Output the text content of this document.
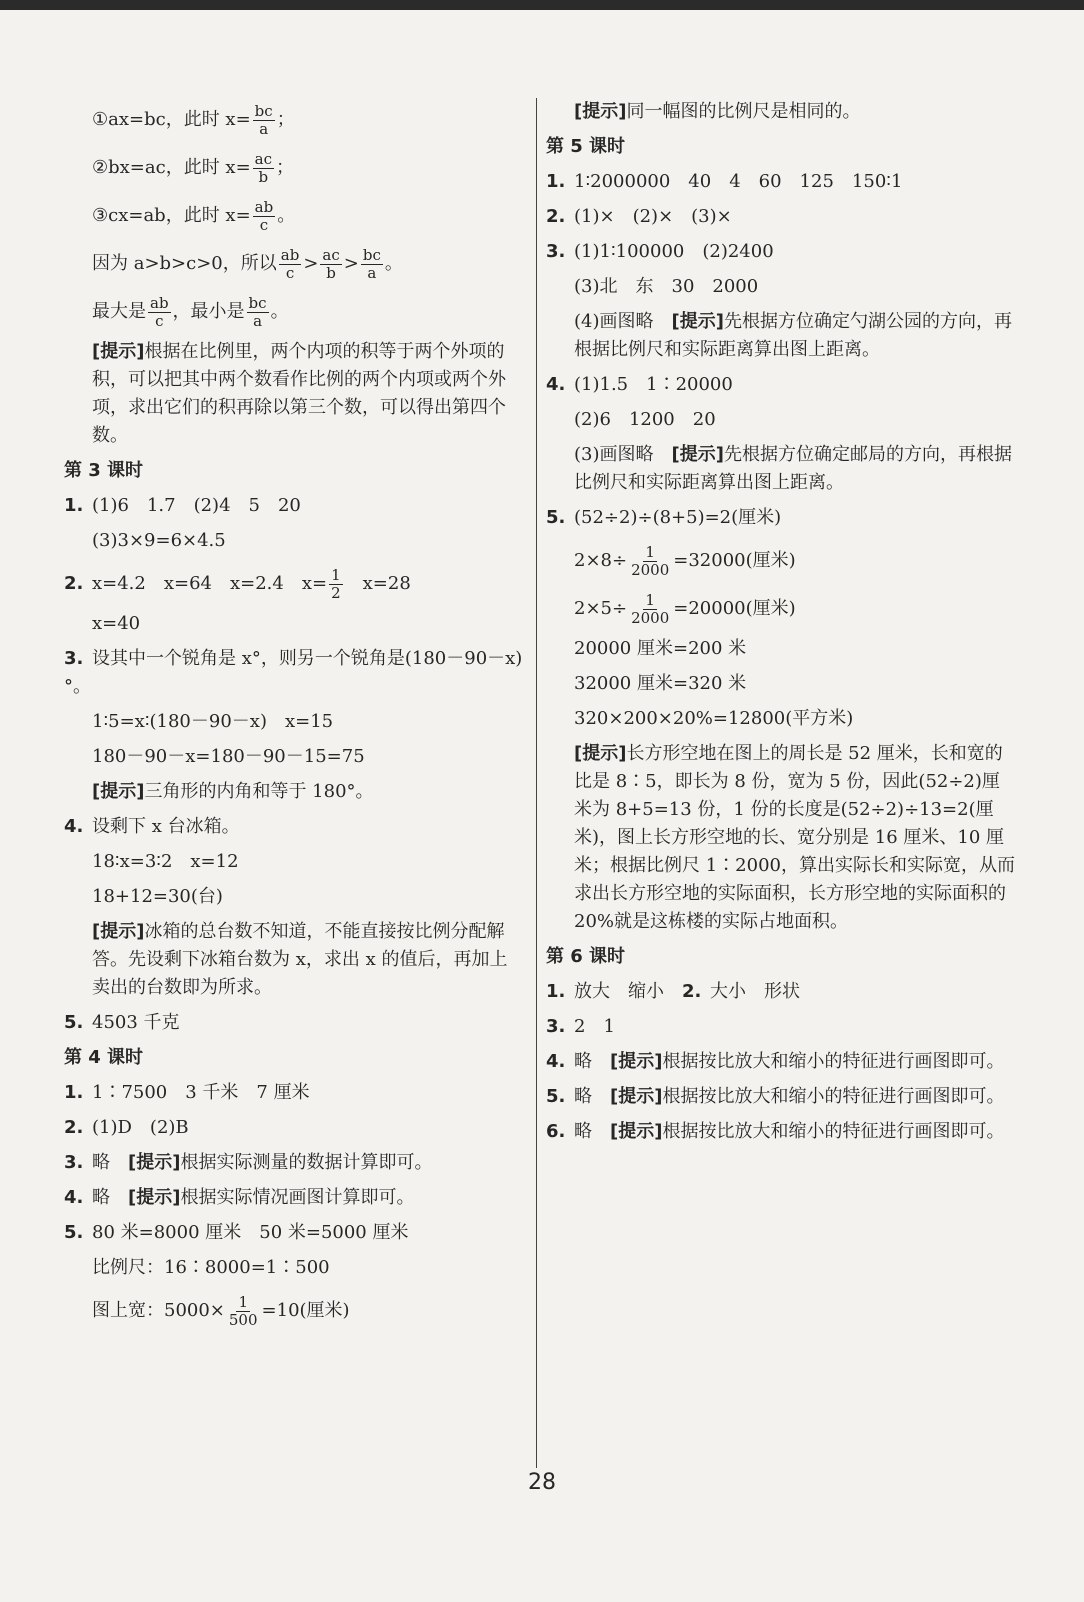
①ax=bc，此时 $x= \frac{bc}{a}$ ；
②bx=ac，此时 $x= \frac{ac}{b}$ ；
③cx=ab，此时 $x= \frac{ab}{c}$ 。
因为 a>b>c>0，所以 $\frac{ab}{c} > \frac{ac}{b} > \frac{bc}{a}$ 。
最大是 $\frac{ab}{c}$ ，最小是 $\frac{bc}{a}$ 。
[提示]根据在比例里，两个内项的积等于两个外项的积，可以把其中两个数看作比例的两个内项或两个外项，求出它们的积再除以第三个数，可以得出第四个数。
第 3 课时
1. (1)6　1.7　(2)4　5　20
(3)3×9=6×4.5
2. x=4.2　x=64　x=2.4　$x= \frac{1}{2}$ 　x=28
x=40
3. 设其中一个锐角是 x°，则另一个锐角是(180－90－x)°。
1∶5=x∶(180－90－x)　x=15
180－90－x=180－90－15=75
[提示]三角形的内角和等于 180°。
4. 设剩下 x 台冰箱。
18∶x=3∶2　x=12
18+12=30(台)
[提示]冰箱的总台数不知道，不能直接按比例分配解答。先设剩下冰箱台数为 x，求出 x 的值后，再加上卖出的台数即为所求。
5. 4503 千克
第 4 课时
1. 1∶7500　3 千米　7 厘米
2. (1)D　(2)B
3. 略　[提示]根据实际测量的数据计算即可。
4. 略　[提示]根据实际情况画图计算即可。
5. 80 米=8000 厘米　50 米=5000 厘米
比例尺：16∶8000=1∶500
图上宽：$5000\times \frac{1}{500} =10$(厘米)
[提示]同一幅图的比例尺是相同的。
第 5 课时
1. 1∶2000000　40　4　60　125　150∶1
2. (1)×　(2)×　(3)×
3. (1)1∶100000　(2)2400
(3)北　东　30　2000
(4)画图略　[提示]先根据方位确定勺湖公园的方向，再根据比例尺和实际距离算出图上距离。
4. (1)1.5　1∶20000
(2)6　1200　20
(3)画图略　[提示]先根据方位确定邮局的方向，再根据比例尺和实际距离算出图上距离。
5. (52÷2)÷(8+5)=2(厘米)
$2\times 8\div \frac{1}{2000} =32000$(厘米)
$2\times 5\div \frac{1}{2000} =20000$(厘米)
20000 厘米=200 米
32000 厘米=320 米
320×200×20%=12800(平方米)
[提示]长方形空地在图上的周长是 52 厘米，长和宽的比是 8∶5，即长为 8 份，宽为 5 份，因此(52÷2)厘米为 8+5=13 份，1 份的长度是(52÷2)÷13=2(厘米)，图上长方形空地的长、宽分别是 16 厘米、10 厘米；根据比例尺 1∶2000，算出实际长和实际宽，从而求出长方形空地的实际面积，长方形空地的实际面积的 20%就是这栋楼的实际占地面积。
第 6 课时
1. 放大　缩小　2. 大小　形状
3. 2　1
4. 略　[提示]根据按比放大和缩小的特征进行画图即可。
5. 略　[提示]根据按比放大和缩小的特征进行画图即可。
6. 略　[提示]根据按比放大和缩小的特征进行画图即可。
28
